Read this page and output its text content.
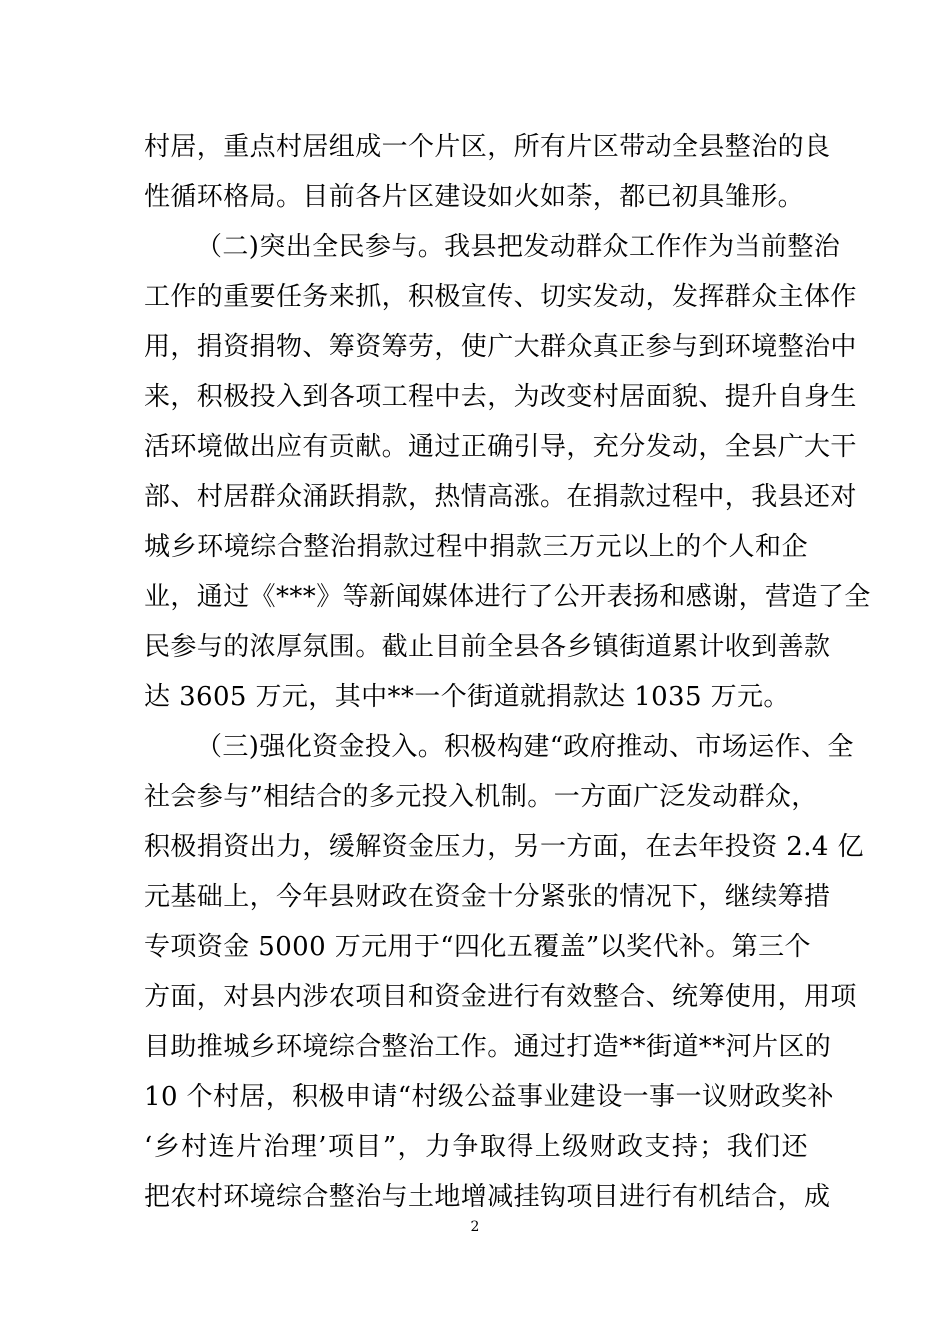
村居，重点村居组成一个片区，所有片区带动全县整治的良
性循环格局。目前各片区建设如火如荼，都已初具雏形。
（二)突出全民参与。我县把发动群众工作作为当前整治
工作的重要任务来抓，积极宣传、切实发动，发挥群众主体作
用，捐资捐物、筹资筹劳，使广大群众真正参与到环境整治中
来，积极投入到各项工程中去，为改变村居面貌、提升自身生
活环境做出应有贡献。通过正确引导，充分发动，全县广大干
部、村居群众涌跃捐款，热情高涨。在捐款过程中，我县还对
城乡环境综合整治捐款过程中捐款三万元以上的个人和企
业，通过《***》等新闻媒体进行了公开表扬和感谢，营造了全
民参与的浓厚氛围。截止目前全县各乡镇街道累计收到善款
达 3605 万元，其中**一个街道就捐款达 1035 万元。
（三)强化资金投入。积极构建“政府推动、市场运作、全
社会参与”相结合的多元投入机制。一方面广泛发动群众，
积极捐资出力，缓解资金压力，另一方面，在去年投资 2.4 亿
元基础上，今年县财政在资金十分紧张的情况下，继续筹措
专项资金 5000 万元用于“四化五覆盖”以奖代补。第三个
方面，对县内涉农项目和资金进行有效整合、统筹使用，用项
目助推城乡环境综合整治工作。通过打造**街道**河片区的
10 个村居，积极申请“村级公益事业建设一事一议财政奖补
‘乡村连片治理’项目”，力争取得上级财政支持；我们还
把农村环境综合整治与土地增减挂钩项目进行有机结合，成
2
